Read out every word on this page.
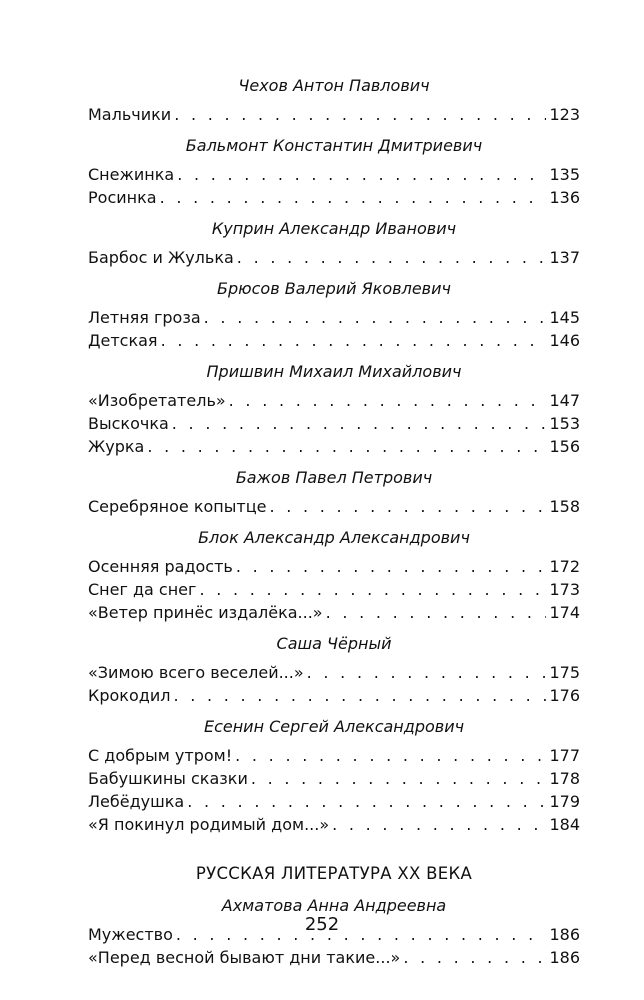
Чехов Антон Павлович
Мальчики . . .	123
Бальмонт Константин Дмитриевич
Снежинка . . .	135
Росинка . . .	136
Куприн Александр Иванович
Барбос и Жулька . . .	137
Брюсов Валерий Яковлевич
Летняя гроза . . .	145
Детская . . .	146
Пришвин Михаил Михайлович
«Изобретатель» . . .	147
Выскочка . . .	153
Журка . . .	156
Бажов Павел Петрович
Серебряное копытце . . .	158
Блок Александр Александрович
Осенняя радость . . .	172
Снег да снег . . .	173
«Ветер принёс издалёка...» . . .	174
Саша Чёрный
«Зимою всего веселей...» . . .	175
Крокодил . . .	176
Есенин Сергей Александрович
С добрым утром! . . .	177
Бабушкины сказки . . .	178
Лебёдушка . . .	179
«Я покинул родимый дом...» . . .	184
РУССКАЯ ЛИТЕРАТУРА XX ВЕКА
Ахматова Анна Андреевна
Мужество . . .	186
«Перед весной бывают дни такие...» . . .	186
252
